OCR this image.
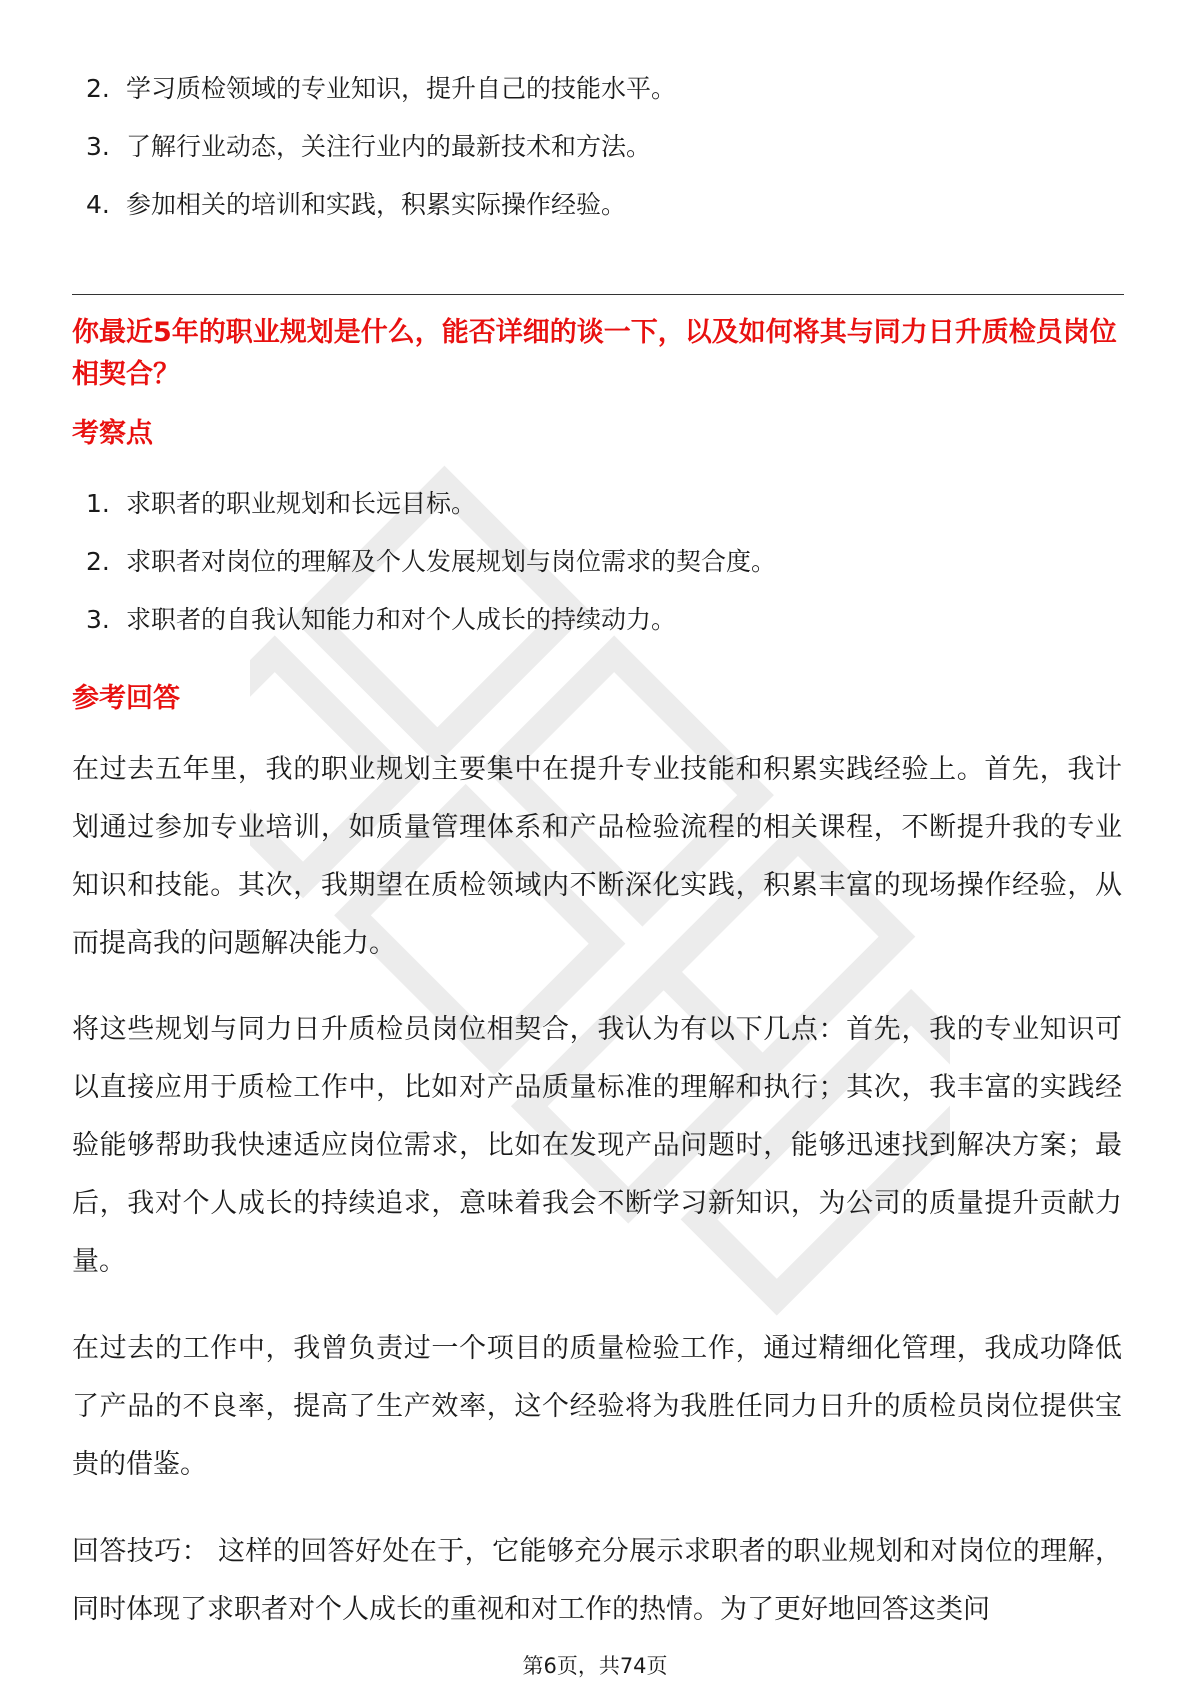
2. 学习质检领域的专业知识，提升自己的技能水平。
3. 了解行业动态，关注行业内的最新技术和方法。
4. 参加相关的培训和实践，积累实际操作经验。
你最近5年的职业规划是什么，能否详细的谈一下，以及如何将其与同力日升质检员岗位相契合？
考察点
1. 求职者的职业规划和长远目标。
2. 求职者对岗位的理解及个人发展规划与岗位需求的契合度。
3. 求职者的自我认知能力和对个人成长的持续动力。
参考回答

在过去五年里，我的职业规划主要集中在提升专业技能和积累实践经验上。首先，我计划通过参加专业培训，如质量管理体系和产品检验流程的相关课程，不断提升我的专业知识和技能。其次，我期望在质检领域内不断深化实践，积累丰富的现场操作经验，从而提高我的问题解决能力。

将这些规划与同力日升质检员岗位相契合，我认为有以下几点：首先，我的专业知识可以直接应用于质检工作中，比如对产品质量标准的理解和执行；其次，我丰富的实践经验能够帮助我快速适应岗位需求，比如在发现产品问题时，能够迅速找到解决方案；最后，我对个人成长的持续追求，意味着我会不断学习新知识，为公司的质量提升贡献力量。

在过去的工作中，我曾负责过一个项目的质量检验工作，通过精细化管理，我成功降低了产品的不良率，提高了生产效率，这个经验将为我胜任同力日升的质检员岗位提供宝贵的借鉴。

回答技巧： 这样的回答好处在于，它能够充分展示求职者的职业规划和对岗位的理解，同时体现了求职者对个人成长的重视和对工作的热情。为了更好地回答这类问

第6页，共74页
